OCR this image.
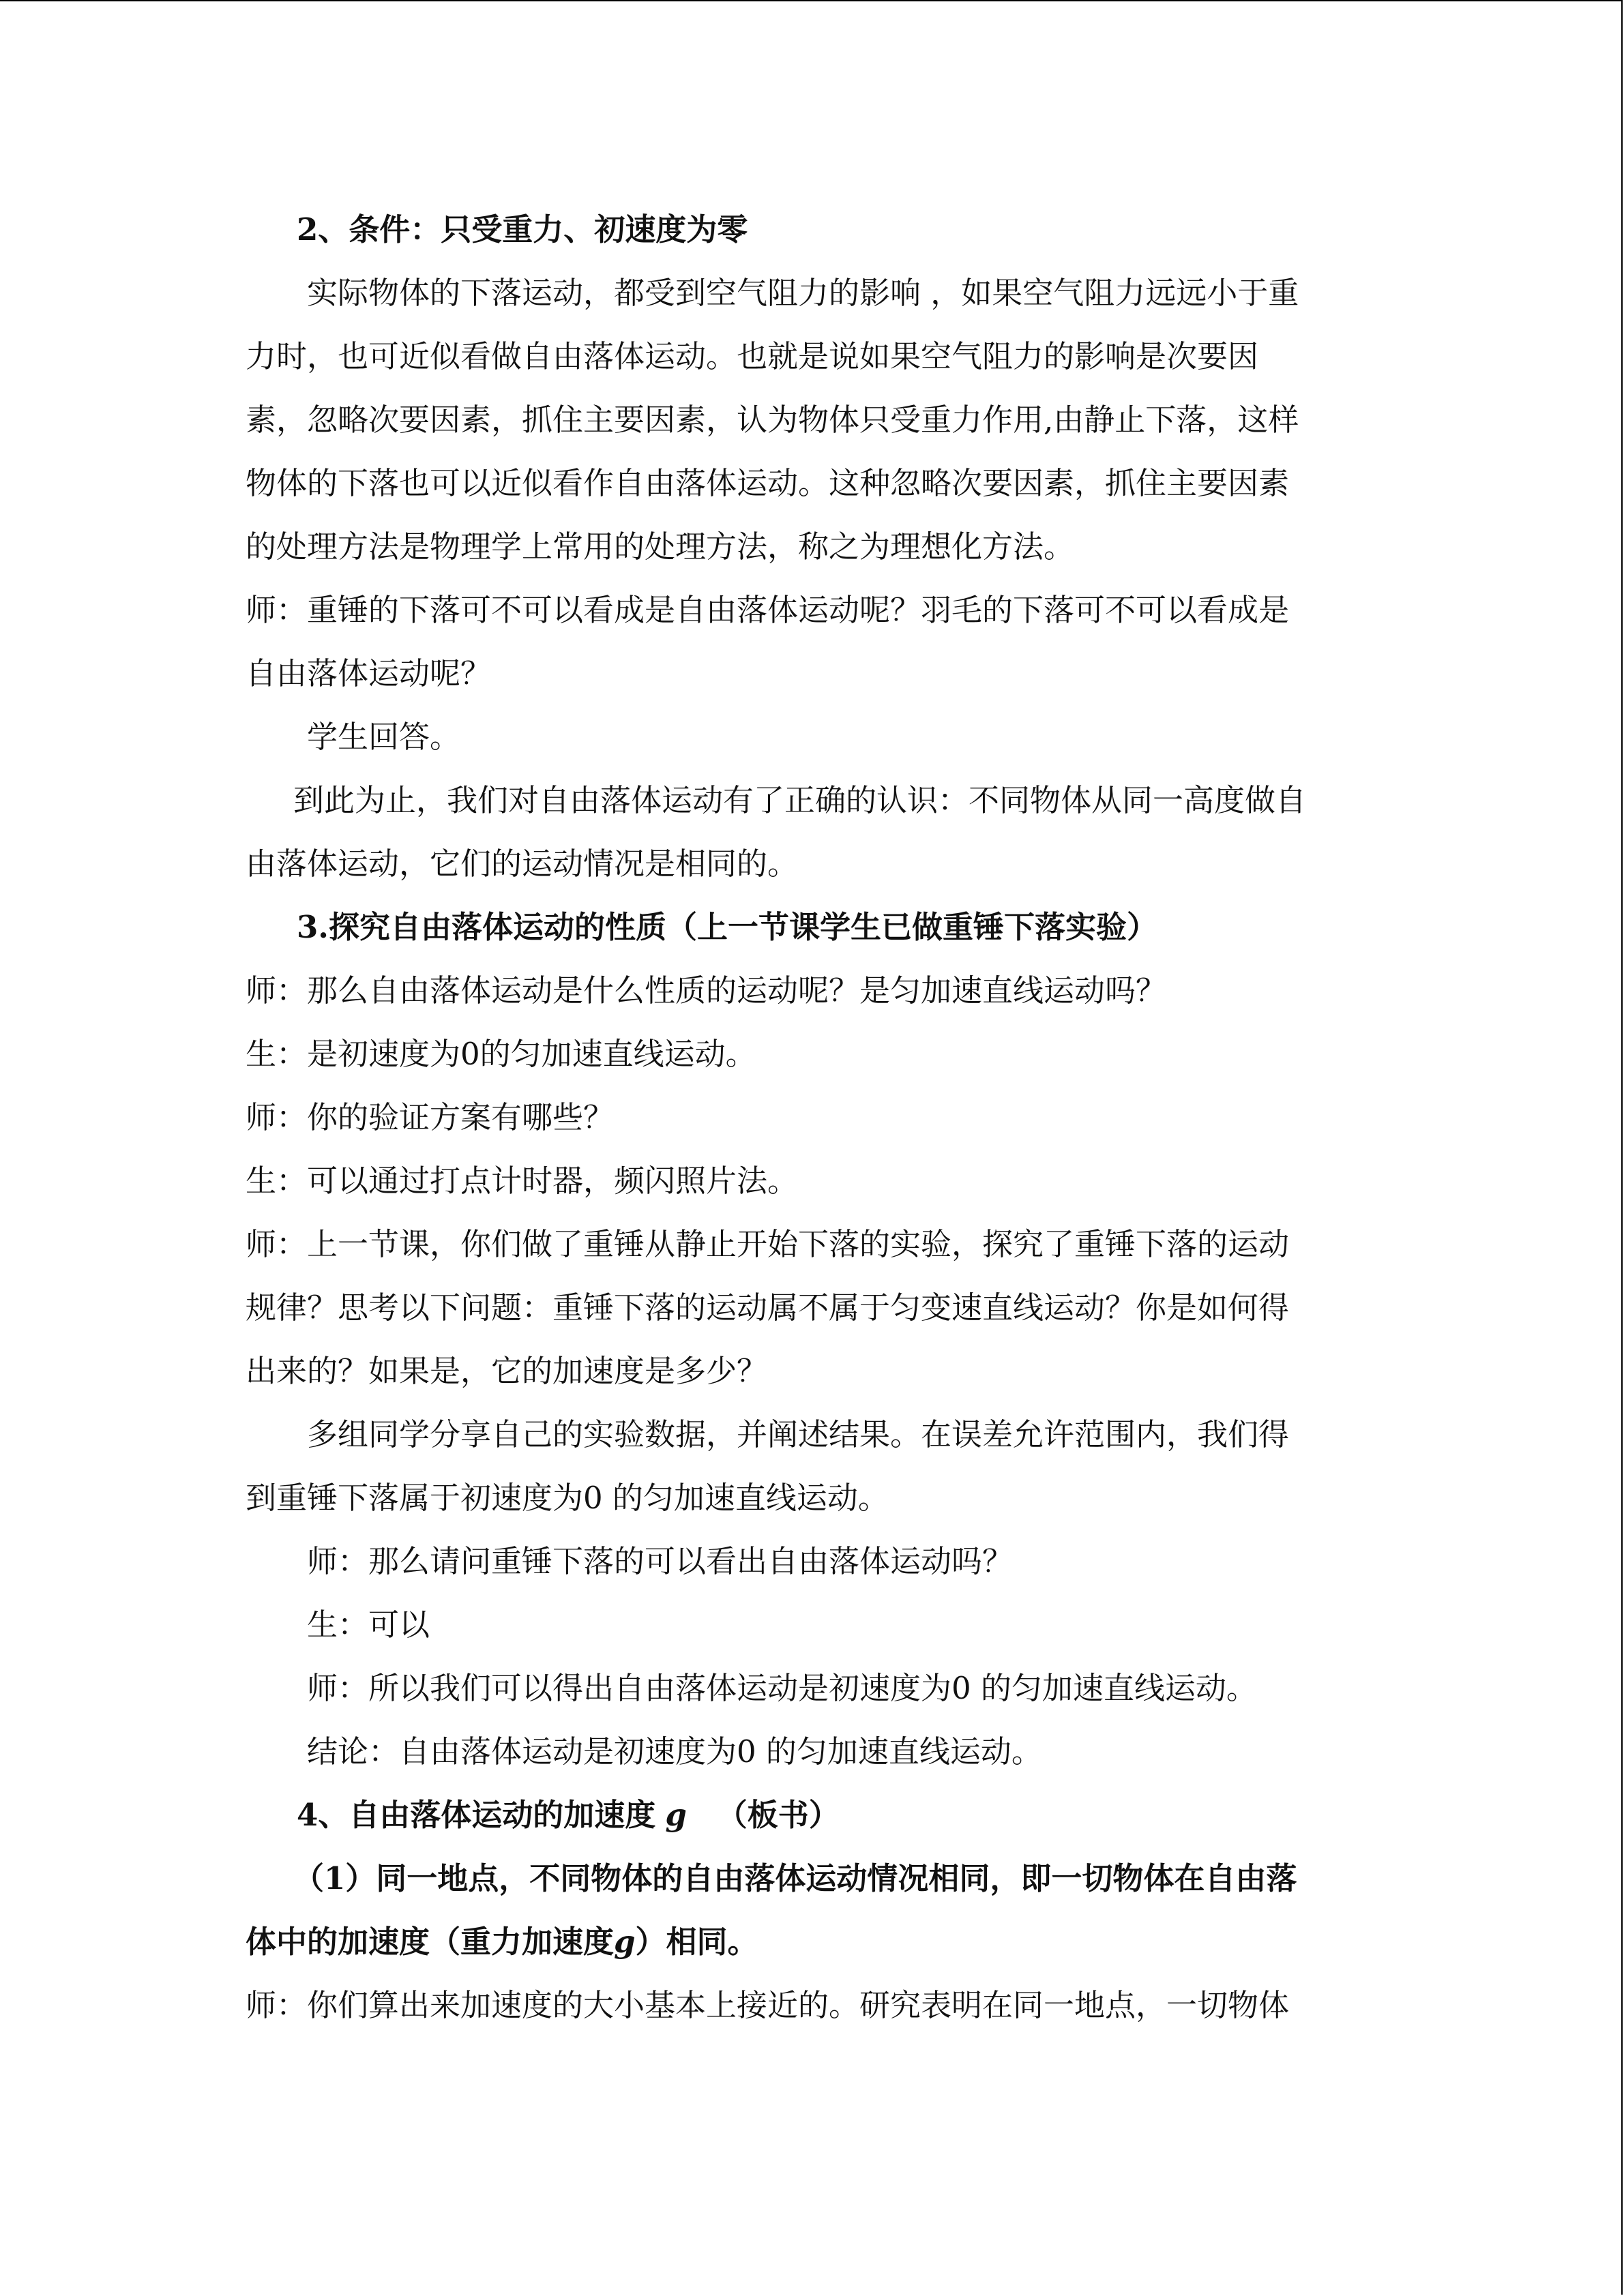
2、条件：只受重力、初速度为零
实际物体的下落运动，都受到空气阻力的影响 ，如果空气阻力远远小于重
力时，也可近似看做自由落体运动。也就是说如果空气阻力的影响是次要因
素，忽略次要因素，抓住主要因素，认为物体只受重力作用,由静止下落，这样
物体的下落也可以近似看作自由落体运动。这种忽略次要因素，抓住主要因素
的处理方法是物理学上常用的处理方法，称之为理想化方法。
师：重锤的下落可不可以看成是自由落体运动呢？羽毛的下落可不可以看成是
自由落体运动呢？
学生回答。
到此为止，我们对自由落体运动有了正确的认识：不同物体从同一高度做自
由落体运动，它们的运动情况是相同的。
3.探究自由落体运动的性质（上一节课学生已做重锤下落实验）
师：那么自由落体运动是什么性质的运动呢？是匀加速直线运动吗？
生：是初速度为0的匀加速直线运动。
师：你的验证方案有哪些？
生：可以通过打点计时器，频闪照片法。
师：上一节课，你们做了重锤从静止开始下落的实验，探究了重锤下落的运动
规律？思考以下问题：重锤下落的运动属不属于匀变速直线运动？你是如何得
出来的？如果是，它的加速度是多少？
多组同学分享自己的实验数据，并阐述结果。在误差允许范围内，我们得
到重锤下落属于初速度为0 的匀加速直线运动。
师：那么请问重锤下落的可以看出自由落体运动吗？
生：可以
师：所以我们可以得出自由落体运动是初速度为0 的匀加速直线运动。
结论：自由落体运动是初速度为0 的匀加速直线运动。
4、自由落体运动的加速度 g （板书）
（1）同一地点，不同物体的自由落体运动情况相同，即一切物体在自由落
体中的加速度（重力加速度g）相同。
师：你们算出来加速度的大小基本上接近的。研究表明在同一地点，一切物体
